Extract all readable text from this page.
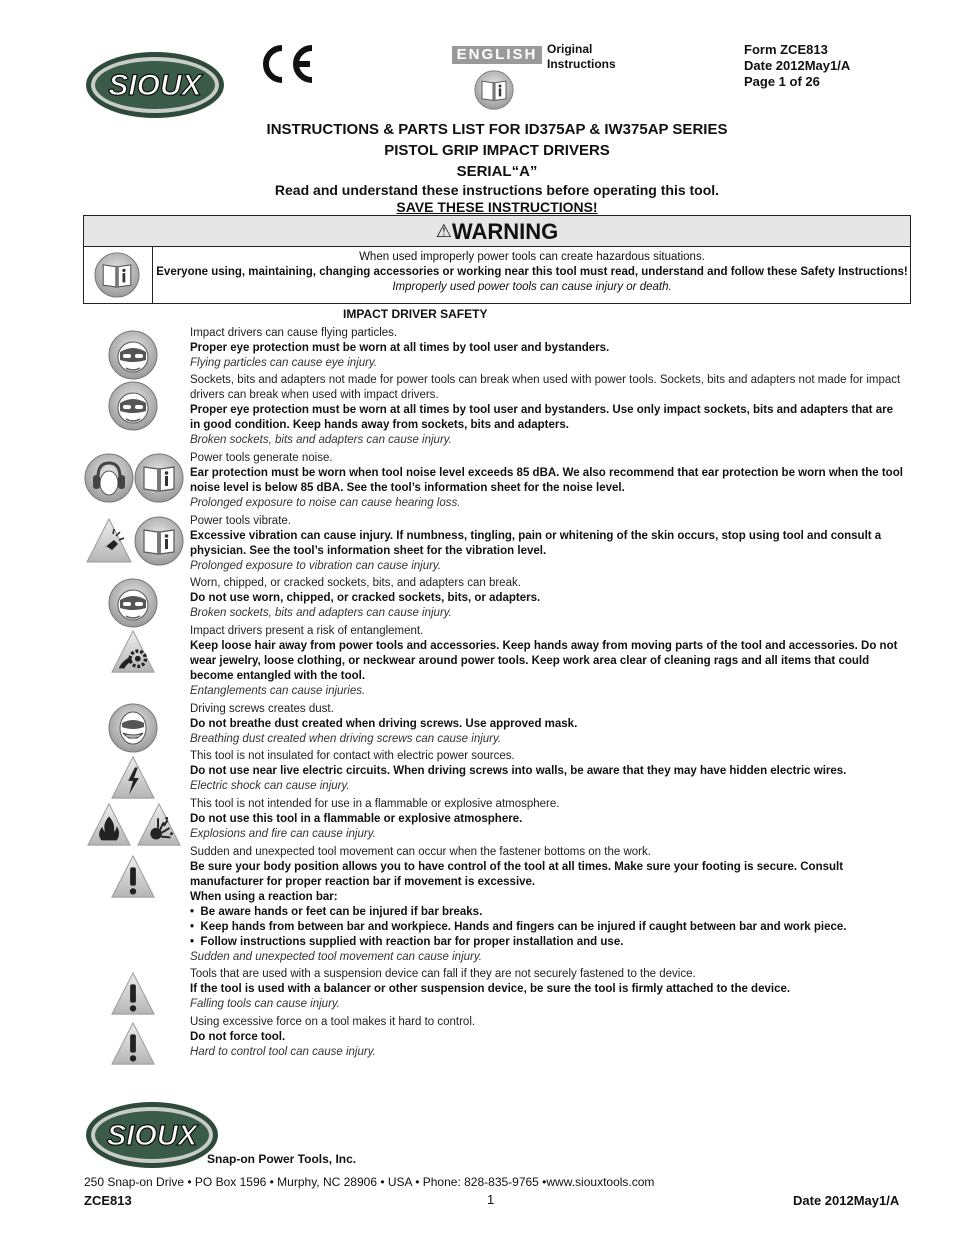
SIOUX
ENGLISH Original
Instructions
Form ZCE813
Date 2012May1/A
Page 1 of 26
INSTRUCTIONS & PARTS LIST FOR ID375AP & IW375AP SERIES
PISTOL GRIP IMPACT DRIVERS
SERIAL“A”
Read and understand these instructions before operating this tool.
SAVE THESE INSTRUCTIONS!
⚠WARNING
When used improperly power tools can create hazardous situations.
Everyone using, maintaining, changing accessories or working near this tool must read, understand and follow these Safety Instructions!
Improperly used power tools can cause injury or death.
IMPACT DRIVER SAFETY
Impact drivers can cause flying particles.
Proper eye protection must be worn at all times by tool user and bystanders.
Flying particles can cause eye injury.
Sockets, bits and adapters not made for power tools can break when used with power tools. Sockets, bits and adapters not made for impact drivers can break when used with impact drivers.
Proper eye protection must be worn at all times by tool user and bystanders. Use only impact sockets, bits and adapters that are in good condition. Keep hands away from sockets, bits and adapters.
Broken sockets, bits and adapters can cause injury.
Power tools generate noise.
Ear protection must be worn when tool noise level exceeds 85 dBA. We also recommend that ear protection be worn when the tool noise level is below 85 dBA. See the tool’s information sheet for the noise level.
Prolonged exposure to noise can cause hearing loss.
Power tools vibrate.
Excessive vibration can cause injury. If numbness, tingling, pain or whitening of the skin occurs, stop using tool and consult a physician. See the tool’s information sheet for the vibration level.
Prolonged exposure to vibration can cause injury.
Worn, chipped, or cracked sockets, bits, and adapters can break.
Do not use worn, chipped, or cracked sockets, bits, or adapters.
Broken sockets, bits and adapters can cause injury.
Impact drivers present a risk of entanglement.
Keep loose hair away from power tools and accessories. Keep hands away from moving parts of the tool and accessories. Do not wear jewelry, loose clothing, or neckwear around power tools. Keep work area clear of cleaning rags and all items that could become entangled with the tool.
Entanglements can cause injuries.
Driving screws creates dust.
Do not breathe dust created when driving screws. Use approved mask.
Breathing dust created when driving screws can cause injury.
This tool is not insulated for contact with electric power sources.
Do not use near live electric circuits. When driving screws into walls, be aware that they may have hidden electric wires.
Electric shock can cause injury.
This tool is not intended for use in a flammable or explosive atmosphere.
Do not use this tool in a flammable or explosive atmosphere.
Explosions and fire can cause injury.
Sudden and unexpected tool movement can occur when the fastener bottoms on the work.
Be sure your body position allows you to have control of the tool at all times. Make sure your footing is secure. Consult manufacturer for proper reaction bar if movement is excessive.
When using a reaction bar:
•  Be aware hands or feet can be injured if bar breaks.
•  Keep hands from between bar and workpiece. Hands and fingers can be injured if caught between bar and work piece.
•  Follow instructions supplied with reaction bar for proper installation and use.
Sudden and unexpected tool movement can cause injury.
Tools that are used with a suspension device can fall if they are not securely fastened to the device.
If the tool is used with a balancer or other suspension device, be sure the tool is firmly attached to the device.
Falling tools can cause injury.
Using excessive force on a tool makes it hard to control.
Do not force tool.
Hard to control tool can cause injury.
SIOUX
Snap-on Power Tools, Inc.
250 Snap-on Drive • PO Box 1596 • Murphy, NC 28906 • USA • Phone: 828-835-9765 •www.siouxtools.com
ZCE813	1	Date 2012May1/A
